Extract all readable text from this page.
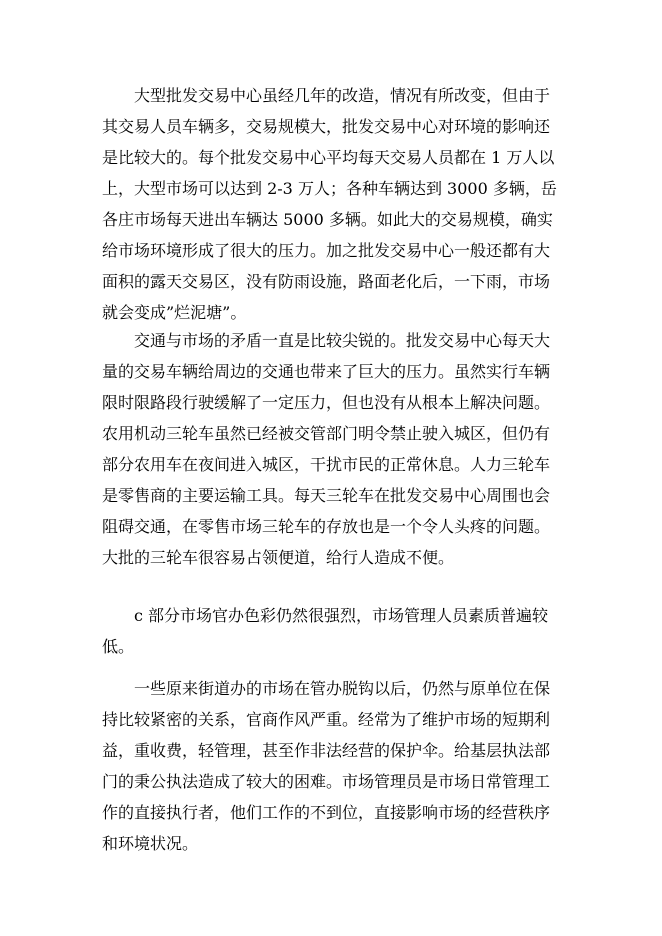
大型批发交易中心虽经几年的改造，情况有所改变，但由于其交易人员车辆多，交易规模大，批发交易中心对环境的影响还是比较大的。每个批发交易中心平均每天交易人员都在 1 万人以上，大型市场可以达到 2-3 万人；各种车辆达到 3000 多辆，岳各庄市场每天进出车辆达 5000 多辆。如此大的交易规模，确实给市场环境形成了很大的压力。加之批发交易中心一般还都有大面积的露天交易区，没有防雨设施，路面老化后，一下雨，市场就会变成”烂泥塘”。

交通与市场的矛盾一直是比较尖锐的。批发交易中心每天大量的交易车辆给周边的交通也带来了巨大的压力。虽然实行车辆限时限路段行驶缓解了一定压力，但也没有从根本上解决问题。农用机动三轮车虽然已经被交管部门明令禁止驶入城区，但仍有部分农用车在夜间进入城区，干扰市民的正常休息。人力三轮车是零售商的主要运输工具。每天三轮车在批发交易中心周围也会阻碍交通，在零售市场三轮车的存放也是一个令人头疼的问题。大批的三轮车很容易占领便道，给行人造成不便。

c 部分市场官办色彩仍然很强烈，市场管理人员素质普遍较低。

一些原来街道办的市场在管办脱钩以后，仍然与原单位在保持比较紧密的关系，官商作风严重。经常为了维护市场的短期利益，重收费，轻管理，甚至作非法经营的保护伞。给基层执法部门的秉公执法造成了较大的困难。市场管理员是市场日常管理工作的直接执行者，他们工作的不到位，直接影响市场的经营秩序和环境状况。
